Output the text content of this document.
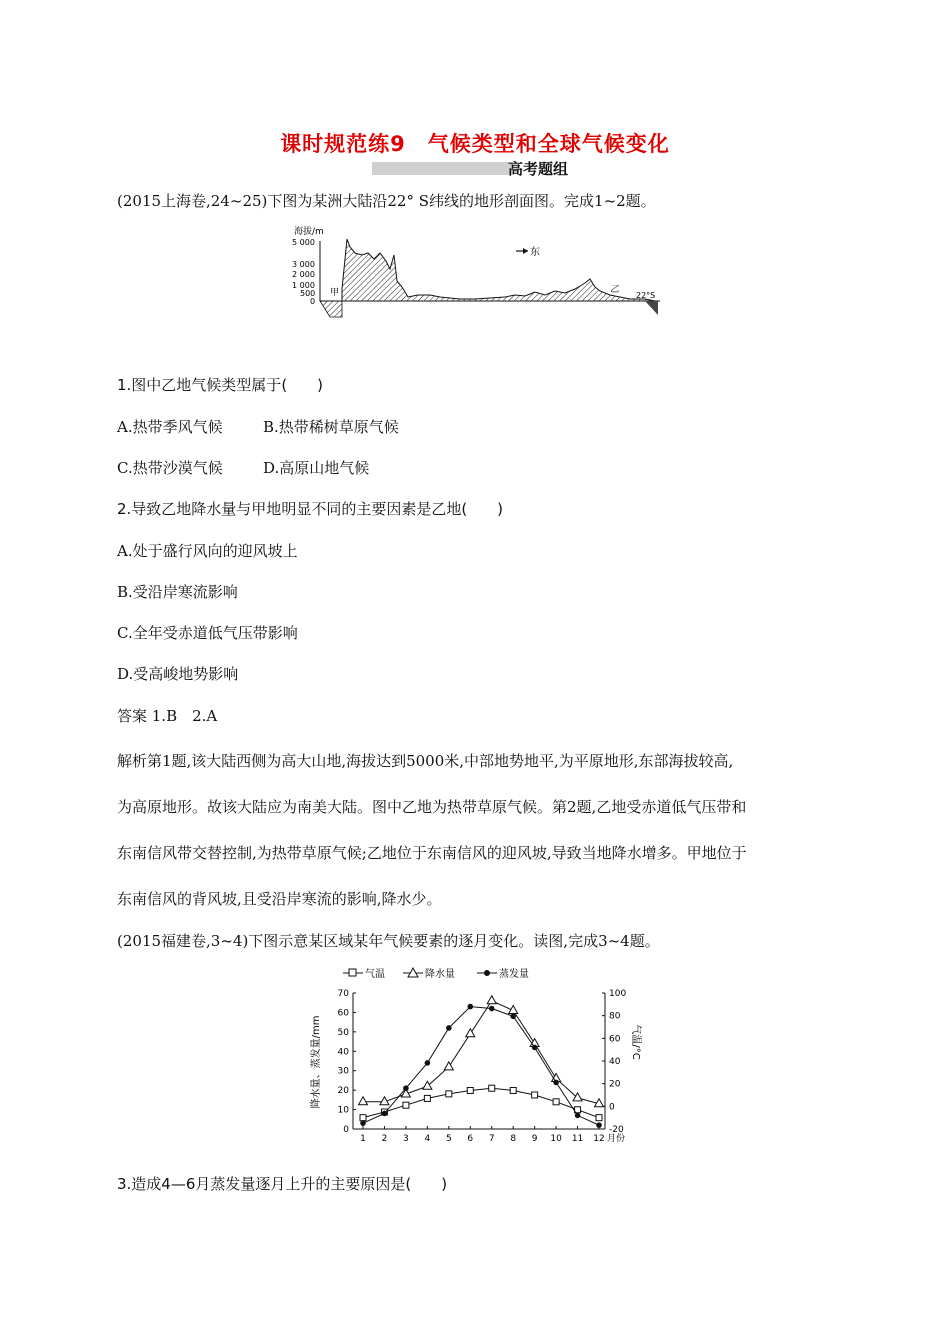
课时规范练9　气候类型和全球气候变化
高考题组
(2015上海卷,24~25)下图为某洲大陆沿22° S纬线的地形剖面图。完成1~2题。
海拔/m
5 000
3 000
2 000
1 000
500
0
东
甲	乙
22°S
1.图中乙地气候类型属于(　　)
A.热带季风气候	B.热带稀树草原气候
C.热带沙漠气候	D.高原山地气候
2.导致乙地降水量与甲地明显不同的主要因素是乙地(　　)
A.处于盛行风向的迎风坡上
B.受沿岸寒流影响
C.全年受赤道低气压带影响
D.受高峻地势影响
答案 1.B　2.A
解析第1题,该大陆西侧为高大山地,海拔达到5000米,中部地势地平,为平原地形,东部海拔较高,
为高原地形。故该大陆应为南美大陆。图中乙地为热带草原气候。第2题,乙地受赤道低气压带和
东南信风带交替控制,为热带草原气候;乙地位于东南信风的迎风坡,导致当地降水增多。甲地位于
东南信风的背风坡,且受沿岸寒流的影响,降水少。
(2015福建卷,3~4)下图示意某区域某年气候要素的逐月变化。读图,完成3~4题。
气温	降水量	蒸发量
降水量、蒸发量/mm	气温/°C
0
10
20
30
40
50
60
70
-20
0
20
40
60
80
100
1 2 3 4 5 6 7 8 9 10 11 12 月份
3.造成4—6月蒸发量逐月上升的主要原因是(　　)
